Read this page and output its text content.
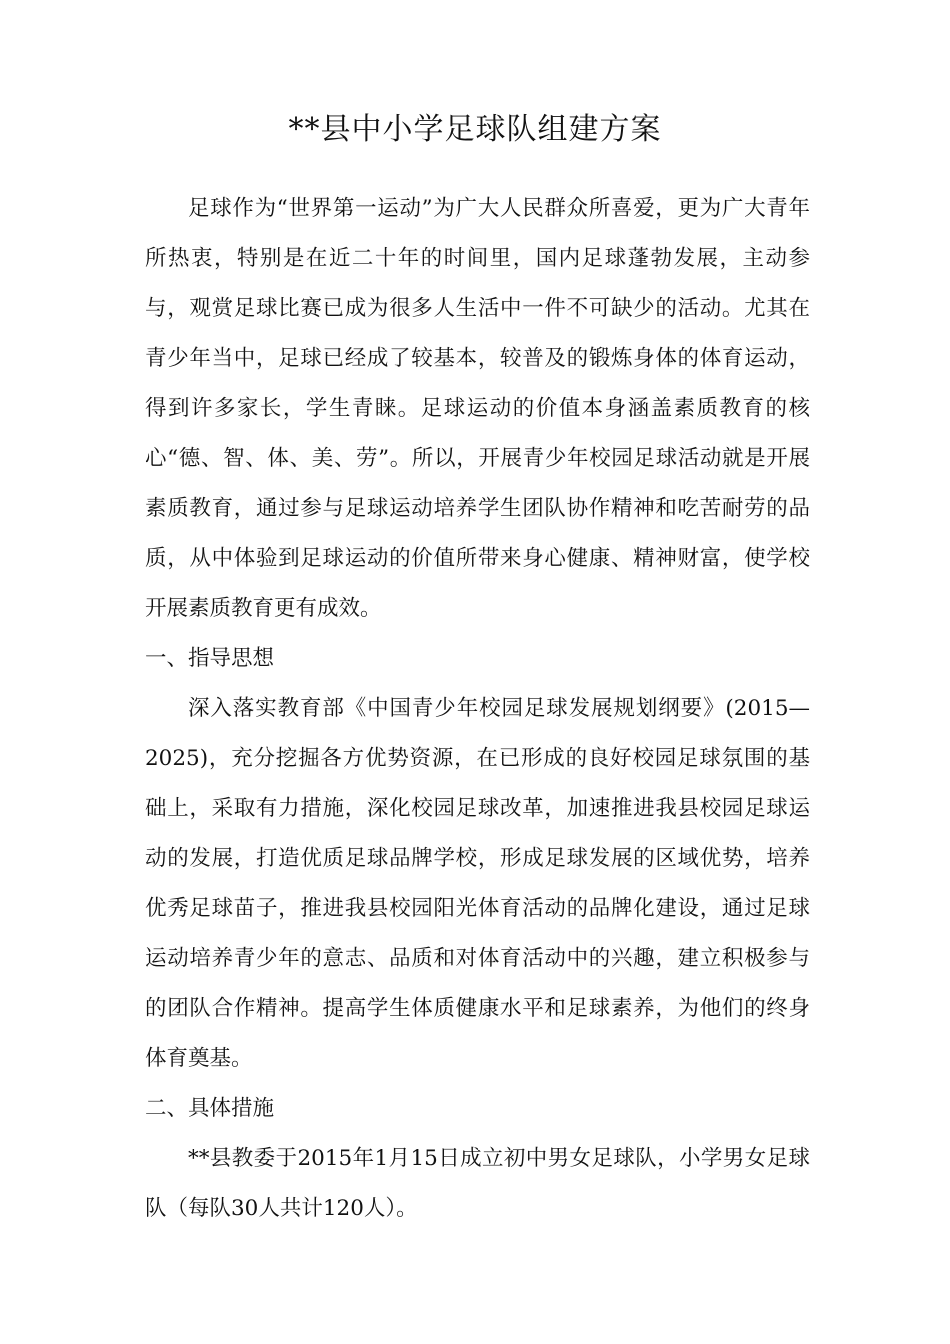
**县中小学足球队组建方案

足球作为“世界第一运动”为广大人民群众所喜爱，更为广大青年所热衷，特别是在近二十年的时间里，国内足球蓬勃发展，主动参与，观赏足球比赛已成为很多人生活中一件不可缺少的活动。尤其在青少年当中，足球已经成了较基本，较普及的锻炼身体的体育运动，得到许多家长，学生青睐。足球运动的价值本身涵盖素质教育的核心“德、智、体、美、劳”。所以，开展青少年校园足球活动就是开展素质教育，通过参与足球运动培养学生团队协作精神和吃苦耐劳的品质，从中体验到足球运动的价值所带来身心健康、精神财富，使学校开展素质教育更有成效。

一、指导思想

深入落实教育部《中国青少年校园足球发展规划纲要》(2015—2025)，充分挖掘各方优势资源，在已形成的良好校园足球氛围的基础上，采取有力措施，深化校园足球改革，加速推进我县校园足球运动的发展，打造优质足球品牌学校，形成足球发展的区域优势，培养优秀足球苗子，推进我县校园阳光体育活动的品牌化建设，通过足球运动培养青少年的意志、品质和对体育活动中的兴趣，建立积极参与的团队合作精神。提高学生体质健康水平和足球素养，为他们的终身体育奠基。

二、具体措施

**县教委于2015年1月15日成立初中男女足球队，小学男女足球队（每队30人共计120人）。
